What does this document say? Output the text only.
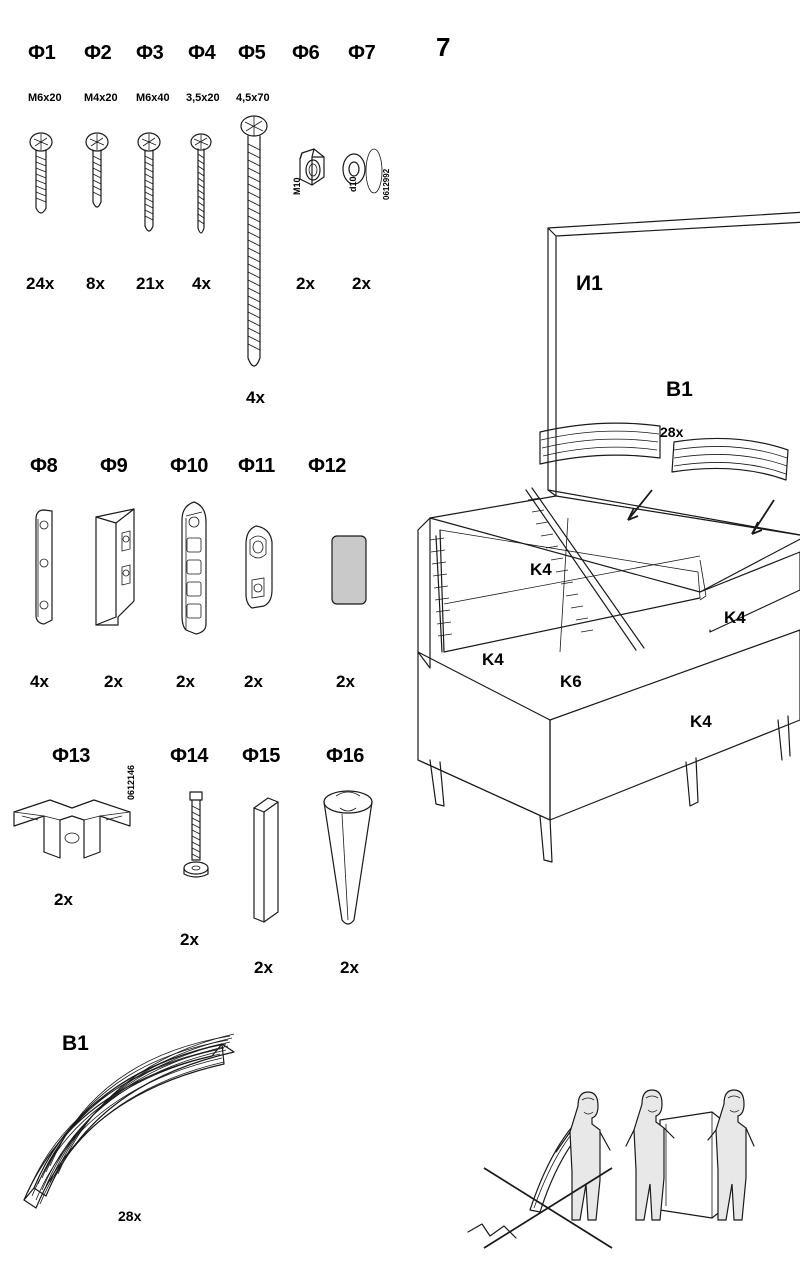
7
Ф1
M6x20
24x
Ф2
M4x20
8x
Ф3
M6x40
21x
Ф4
3,5x20
4x
Ф5
4,5x70
4x
Ф6
M10
2x
Ф7
d10	0612992
2x
Ф8
4x
Ф9
2x
Ф10
2x
Ф11
2x
Ф12
2x
Ф13
0612146
2x
Ф14
2x
Ф15
2x
Ф16
2x
B1
28x
И1
B1
28x
K4
K4
K4
K4
K6
